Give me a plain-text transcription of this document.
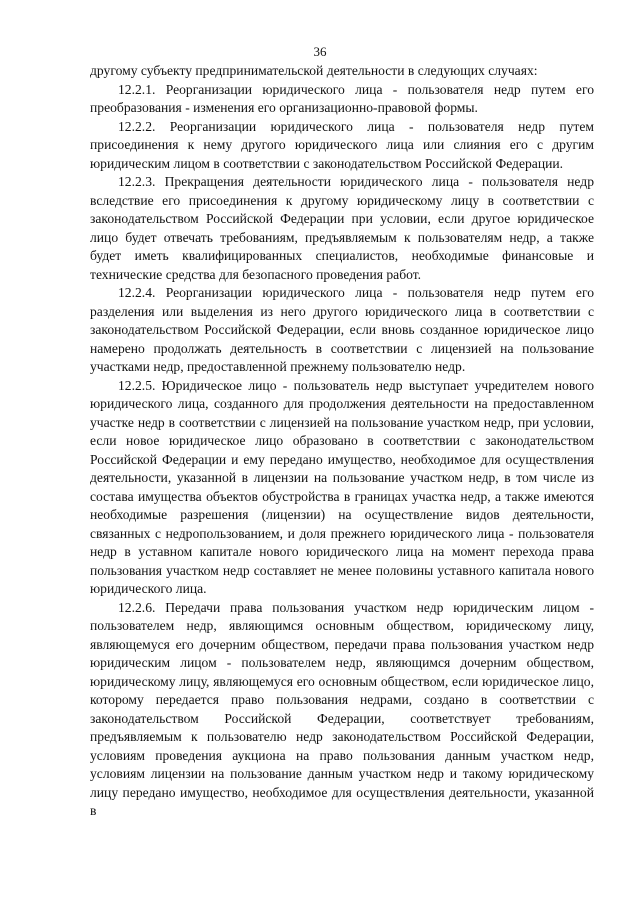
36

другому субъекту предпринимательской деятельности в следующих случаях:

12.2.1. Реорганизации юридического лица - пользователя недр путем его преобразования - изменения его организационно-правовой формы.

12.2.2. Реорганизации юридического лица - пользователя недр путем присоединения к нему другого юридического лица или слияния его с другим юридическим лицом в соответствии с законодательством Российской Федерации.

12.2.3. Прекращения деятельности юридического лица - пользователя недр вследствие его присоединения к другому юридическому лицу в соответствии с законодательством Российской Федерации при условии, если другое юридическое лицо будет отвечать требованиям, предъявляемым к пользователям недр, а также будет иметь квалифицированных специалистов, необходимые финансовые и технические средства для безопасного проведения работ.

12.2.4. Реорганизации юридического лица - пользователя недр путем его разделения или выделения из него другого юридического лица в соответствии с законодательством Российской Федерации, если вновь созданное юридическое лицо намерено продолжать деятельность в соответствии с лицензией на пользование участками недр, предоставленной прежнему пользователю недр.

12.2.5. Юридическое лицо - пользователь недр выступает учредителем нового юридического лица, созданного для продолжения деятельности на предоставленном участке недр в соответствии с лицензией на пользование участком недр, при условии, если новое юридическое лицо образовано в соответствии с законодательством Российской Федерации и ему передано имущество, необходимое для осуществления деятельности, указанной в лицензии на пользование участком недр, в том числе из состава имущества объектов обустройства в границах участка недр, а также имеются необходимые разрешения (лицензии) на осуществление видов деятельности, связанных с недропользованием, и доля прежнего юридического лица - пользователя недр в уставном капитале нового юридического лица на момент перехода права пользования участком недр составляет не менее половины уставного капитала нового юридического лица.

12.2.6. Передачи права пользования участком недр юридическим лицом - пользователем недр, являющимся основным обществом, юридическому лицу, являющемуся его дочерним обществом, передачи права пользования участком недр юридическим лицом - пользователем недр, являющимся дочерним обществом, юридическому лицу, являющемуся его основным обществом, если юридическое лицо, которому передается право пользования недрами, создано в соответствии с законодательством Российской Федерации, соответствует требованиям, предъявляемым к пользователю недр законодательством Российской Федерации, условиям проведения аукциона на право пользования данным участком недр, условиям лицензии на пользование данным участком недр и такому юридическому лицу передано имущество, необходимое для осуществления деятельности, указанной в
